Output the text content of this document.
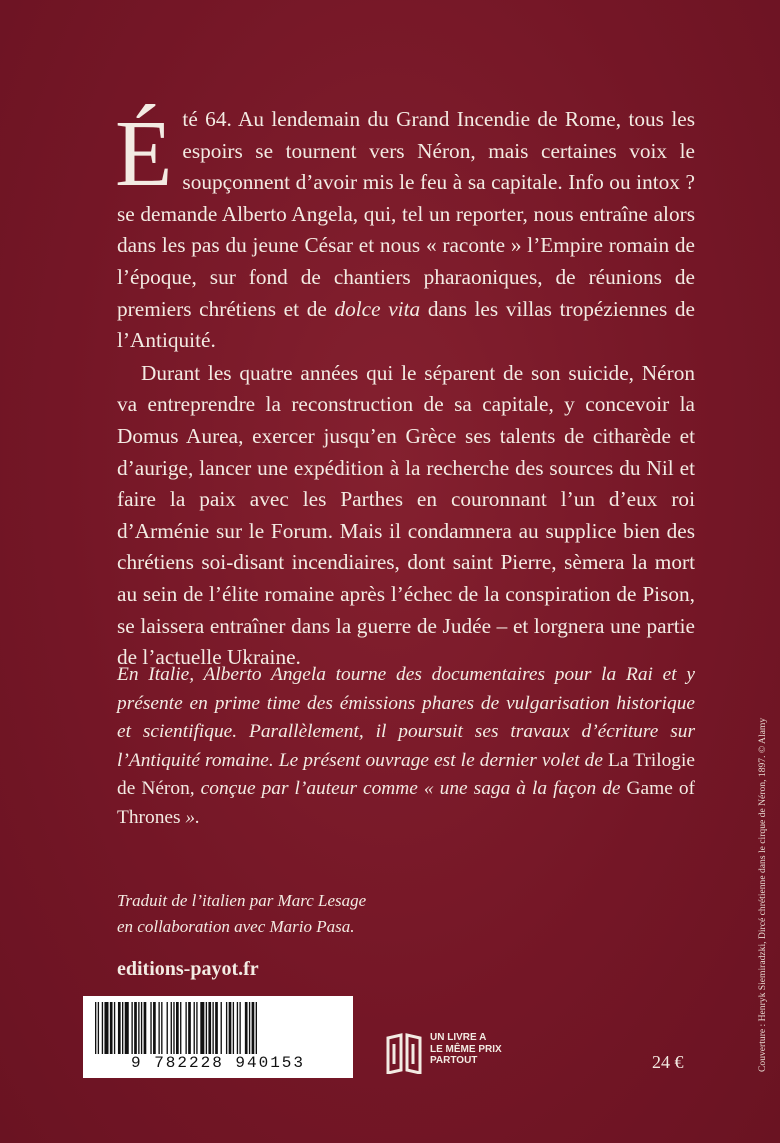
Été 64. Au lendemain du Grand Incendie de Rome, tous les espoirs se tournent vers Néron, mais certaines voix le soupçonnent d’avoir mis le feu à sa capitale. Info ou intox ? se demande Alberto Angela, qui, tel un reporter, nous entraîne alors dans les pas du jeune César et nous « raconte » l’Empire romain de l’époque, sur fond de chantiers pharaoniques, de réunions de premiers chrétiens et de dolce vita dans les villas tropéziennes de l’Antiquité.

Durant les quatre années qui le séparent de son suicide, Néron va entreprendre la reconstruction de sa capitale, y concevoir la Domus Aurea, exercer jusqu’en Grèce ses talents de citharède et d’aurige, lancer une expédition à la recherche des sources du Nil et faire la paix avec les Parthes en couronnant l’un d’eux roi d’Arménie sur le Forum. Mais il condamnera au supplice bien des chrétiens soi-disant incendiaires, dont saint Pierre, sèmera la mort au sein de l’élite romaine après l’échec de la conspiration de Pison, se laissera entraîner dans la guerre de Judée – et lorgnera une partie de l’actuelle Ukraine.

En Italie, Alberto Angela tourne des documentaires pour la Rai et y présente en prime time des émissions phares de vulgarisation historique et scientifique. Parallèlement, il poursuit ses travaux d’écriture sur l’Antiquité romaine. Le présent ouvrage est le dernier volet de La Trilogie de Néron, conçue par l’auteur comme « une saga à la façon de Game of Thrones ».
Traduit de l’italien par Marc Lesage
en collaboration avec Mario Pasa.
editions-payot.fr
9 782228 940153
UN LIVRE A
LE MÊME PRIX
PARTOUT	24 €	Couverture : Henryk Siemiradzki, Dircé chrétienne dans le cirque de Néron, 1897. © Alamy
